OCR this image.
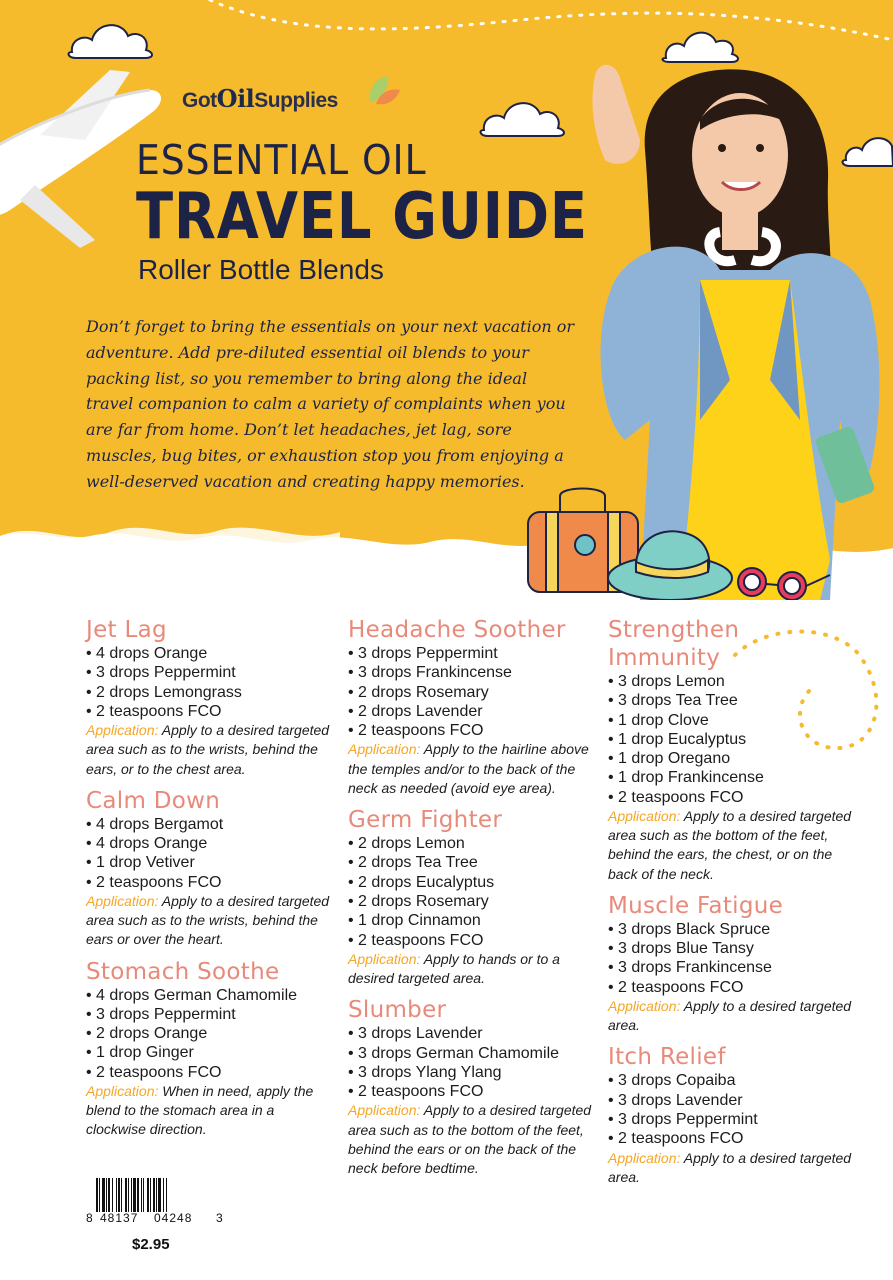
GotOilSupplies
ESSENTIAL OIL
TRAVEL GUIDE
Roller Bottle Blends
Don’t forget to bring the essentials on your next vacation or adventure. Add pre-diluted essential oil blends to your packing list, so you remember to bring along the ideal travel companion to calm a variety of complaints when you are far from home. Don’t let headaches, jet lag, sore muscles, bug bites, or exhaustion stop you from enjoying a well-deserved vacation and creating happy memories.
Jet Lag
• 4 drops Orange
• 3 drops Peppermint
• 2 drops Lemongrass
• 2 teaspoons FCO
Application: Apply to a desired targeted area such as to the wrists, behind the ears, or to the chest area.
Calm Down
• 4 drops Bergamot
• 4 drops Orange
• 1 drop Vetiver
• 2 teaspoons FCO
Application: Apply to a desired targeted area such as to the wrists, behind the ears or over the heart.
Stomach Soothe
• 4 drops German Chamomile
• 3 drops Peppermint
• 2 drops Orange
• 1 drop Ginger
• 2 teaspoons FCO
Application: When in need, apply the blend to the stomach area in a clockwise direction.
Headache Soother
• 3 drops Peppermint
• 3 drops Frankincense
• 2 drops Rosemary
• 2 drops Lavender
• 2 teaspoons FCO
Application: Apply to the hairline above the temples and/or to the back of the neck as needed (avoid eye area).
Germ Fighter
• 2 drops Lemon
• 2 drops Tea Tree
• 2 drops Eucalyptus
• 2 drops Rosemary
• 1 drop Cinnamon
• 2 teaspoons FCO
Application: Apply to hands or to a desired targeted area.
Slumber
• 3 drops Lavender
• 3 drops German Chamomile
• 3 drops Ylang Ylang
• 2 teaspoons FCO
Application: Apply to a desired targeted area such as to the bottom of the feet, behind the ears or on the back of the neck before bedtime.
Strengthen
Immunity
• 3 drops Lemon
• 3 drops Tea Tree
• 1 drop Clove
• 1 drop Eucalyptus
• 1 drop Oregano
• 1 drop Frankincense
• 2 teaspoons FCO
Application: Apply to a desired targeted area such as the bottom of the feet, behind the ears, the chest, or on the back of the neck.
Muscle Fatigue
• 3 drops Black Spruce
• 3 drops Blue Tansy
• 3 drops Frankincense
• 2 teaspoons FCO
Application: Apply to a desired targeted area.
Itch Relief
• 3 drops Copaiba
• 3 drops Lavender
• 3 drops Peppermint
• 2 teaspoons FCO
Application: Apply to a desired targeted area.
8 48137 04248 3
$2.95
